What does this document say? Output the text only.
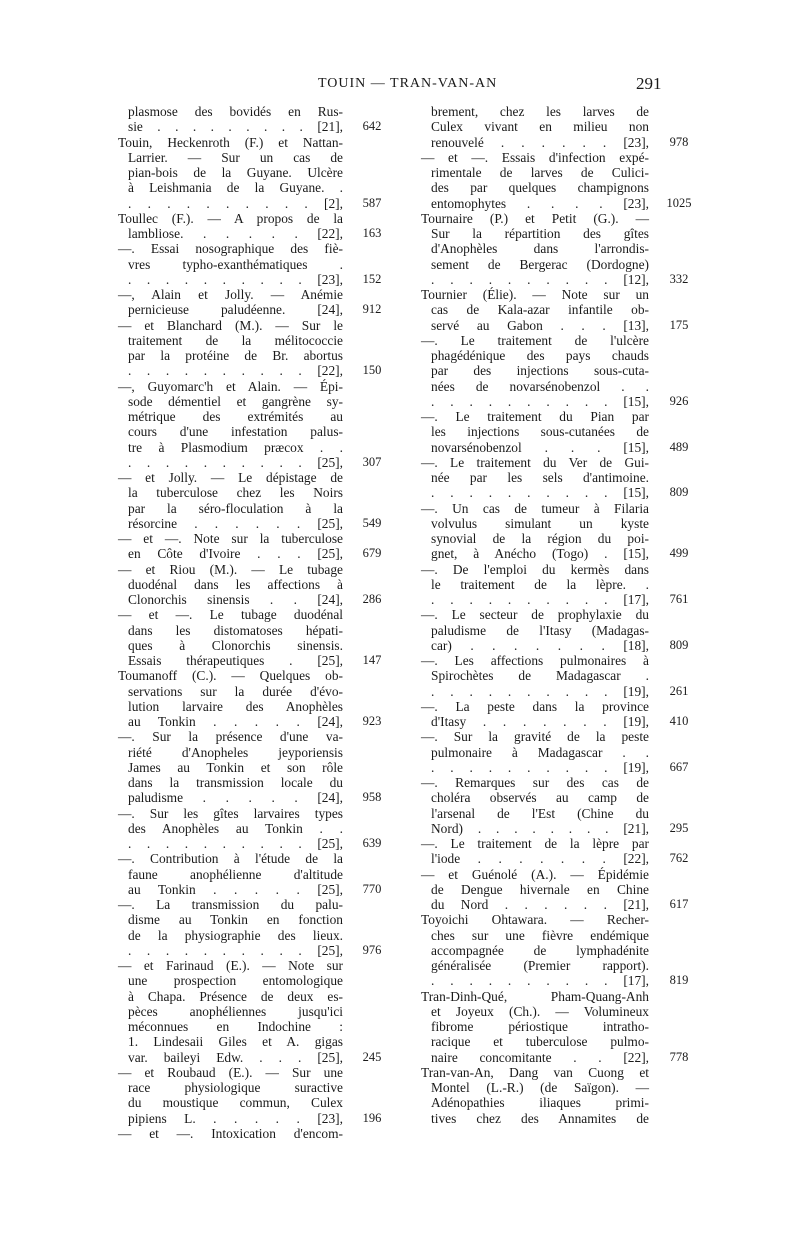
TOUIN — TRAN-VAN-AN	291
plasmose des bovidés en Rus-
sie . . . . . . . . . [21],
Touin, Heckenroth (F.) et Nattan-
Larrier. — Sur un cas de
pian-bois de la Guyane. Ulcère
à Leishmania de la Guyane. .
. . . . . . . . . . [2],
Toullec (F.). — A propos de la
lambliose. . . . . . [22],
—. Essai nosographique des fiè-
vres typho-exanthématiques .
. . . . . . . . . . [23],
—, Alain et Jolly. — Anémie
pernicieuse paludéenne. [24],
— et Blanchard (M.). — Sur le
traitement de la mélitococcie
par la protéine de Br. abortus
. . . . . . . . . . [22],
—, Guyomarc'h et Alain. — Épi-
sode démentiel et gangrène sy-
métrique des extrémités au
cours d'une infestation palus-
tre à Plasmodium præcox . .
. . . . . . . . . . [25],
— et Jolly. — Le dépistage de
la tuberculose chez les Noirs
par la séro-floculation à la
résorcine . . . . . . [25],
— et —. Note sur la tuberculose
en Côte d'Ivoire . . . [25],
— et Riou (M.). — Le tubage
duodénal dans les affections à
Clonorchis sinensis . . [24],
— et —. Le tubage duodénal
dans les distomatoses hépati-
ques à Clonorchis sinensis.
Essais thérapeutiques . [25],
Toumanoff (C.). — Quelques ob-
servations sur la durée d'évo-
lution larvaire des Anophèles
au Tonkin . . . . . [24],
—. Sur la présence d'une va-
riété d'Anopheles jeyporiensis
James au Tonkin et son rôle
dans la transmission locale du
paludisme . . . . . [24],
—. Sur les gîtes larvaires types
des Anophèles au Tonkin . .
. . . . . . . . . . [25],
—. Contribution à l'étude de la
faune anophélienne d'altitude
au Tonkin . . . . . [25],
—. La transmission du palu-
disme au Tonkin en fonction
de la physiographie des lieux.
. . . . . . . . . . [25],
— et Farinaud (E.). — Note sur
une prospection entomologique
à Chapa. Présence de deux es-
pèces anophéliennes jusqu'ici
méconnues en Indochine :
1. Lindesaii Giles et A. gigas
var. baileyi Edw. . . . [25],
— et Roubaud (E.). — Sur une
race physiologique suractive
du moustique commun, Culex
pipiens L. . . . . . [23],
— et —. Intoxication d'encom-
642
587
163
152
912
150
307
549
679
286
147
923
958
639
770
976
245
196
brement, chez les larves de
Culex vivant en milieu non
renouvelé . . . . . . [23],
— et —. Essais d'infection expé-
rimentale de larves de Culici-
des par quelques champignons
entomophytes . . . . [23],
Tournaire (P.) et Petit (G.). —
Sur la répartition des gîtes
d'Anophèles dans l'arrondis-
sement de Bergerac (Dordogne)
. . . . . . . . . . [12],
Tournier (Élie). — Note sur un
cas de Kala-azar infantile ob-
servé au Gabon . . . [13],
—. Le traitement de l'ulcère
phagédénique des pays chauds
par des injections sous-cuta-
nées de novarsénobenzol . .
. . . . . . . . . . [15],
—. Le traitement du Pian par
les injections sous-cutanées de
novarsénobenzol . . . [15],
—. Le traitement du Ver de Gui-
née par les sels d'antimoine.
. . . . . . . . . . [15],
—. Un cas de tumeur à Filaria
volvulus simulant un kyste
synovial de la région du poi-
gnet, à Anécho (Togo) . [15],
—. De l'emploi du kermès dans
le traitement de la lèpre. .
. . . . . . . . . . [17],
—. Le secteur de prophylaxie du
paludisme de l'Itasy (Madagas-
car) . . . . . . . [18],
—. Les affections pulmonaires à
Spirochètes de Madagascar .
. . . . . . . . . . [19],
—. La peste dans la province
d'Itasy . . . . . . . [19],
—. Sur la gravité de la peste
pulmonaire à Madagascar . .
. . . . . . . . . . [19],
—. Remarques sur des cas de
choléra observés au camp de
l'arsenal de l'Est (Chine du
Nord) . . . . . . . . [21],
—. Le traitement de la lèpre par
l'iode . . . . . . . [22],
— et Guénolé (A.). — Épidémie
de Dengue hivernale en Chine
du Nord . . . . . . [21],
Toyoichi Ohtawara. — Recher-
ches sur une fièvre endémique
accompagnée de lymphadénite
généralisée (Premier rapport).
. . . . . . . . . . [17],
Tran-Dinh-Qué, Pham-Quang-Anh
et Joyeux (Ch.). — Volumineux
fibrome périostique intratho-
racique et tuberculose pulmo-
naire concomitante . . [22],
Tran-van-An, Dang van Cuong et
Montel (L.-R.) (de Saïgon). —
Adénopathies iliaques primi-
tives chez des Annamites de
978
1025
332
175
926
489
809
499
761
809
261
410
667
295
762
617
819
778
